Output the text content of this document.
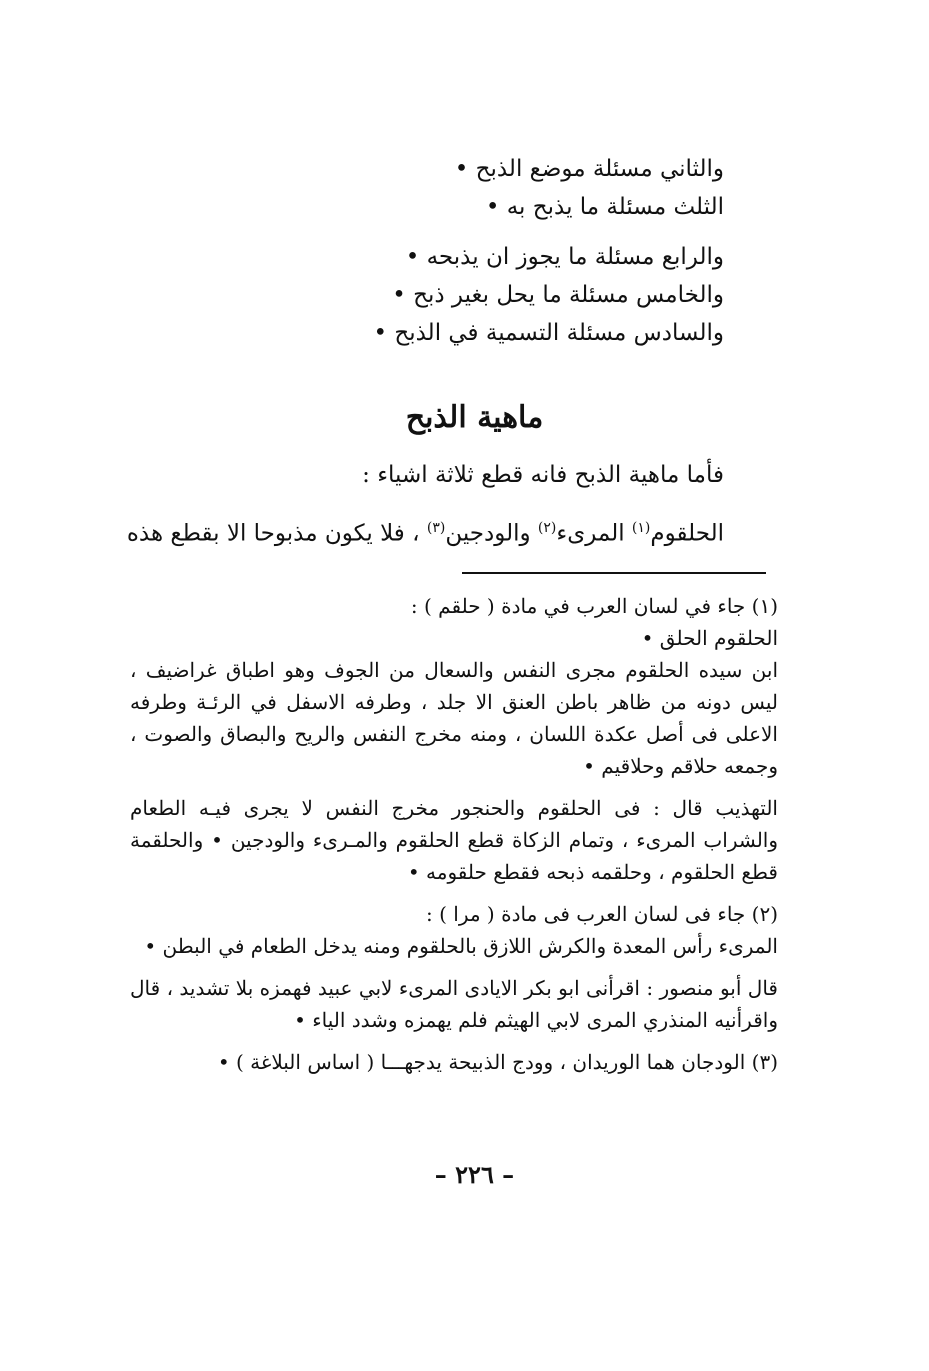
والثاني مسئلة موضع الذبح •
الثلث مسئلة ما يذبح به •
والرابع مسئلة ما يجوز ان يذبحه •
والخامس مسئلة ما يحل بغير ذبح •
والسادس مسئلة التسمية في الذبح •
ماهية الذبح
فأما ماهية الذبح فانه قطع ثلاثة اشياء :
الحلقوم$^{(١)}$ المرىء$^{(٢)}$ والودجين$^{(٣)}$ ، فلا يكون مذبوحا الا بقطع هذه

(١) جاء في لسان العرب في مادة ( حلقم ) :

الحلقوم الحلق •

ابن سيده الحلقوم مجرى النفس والسعال من الجوف وهو اطباق غراضيف ، ليس دونه من ظاهر باطن العنق الا جلد ، وطرفه الاسفل في الرئـة وطرفه الاعلى فى أصل عكدة اللسان ، ومنه مخرج النفس والريح والبصاق والصوت ، وجمعه حلاقم وحلاقيم •

التهذيب قال : فى الحلقوم والحنجور مخرج النفس لا يجرى فيـه الطعام والشراب المرىء ، وتمام الزكاة قطع الحلقوم والمـرىء والودجين • والحلقمة قطع الحلقوم ، وحلقمه ذبحه فقطع حلقومه •

(٢) جاء فى لسان العرب فى مادة ( مرا ) :

المرىء رأس المعدة والكرش اللازق بالحلقوم ومنه يدخل الطعام في البطن •

قال أبو منصور : اقرأنى ابو بكر الايادى المرىء لابي عبيد فهمزه بلا تشديد ، قال واقرأنيه المنذري المرى لابي الهيثم فلم يهمزه وشدد الياء •

(٣) الودجان هما الوريدان ، وودج الذبيحة يدجهـــا ( اساس البلاغة ) •

– ٢٢٦ –
